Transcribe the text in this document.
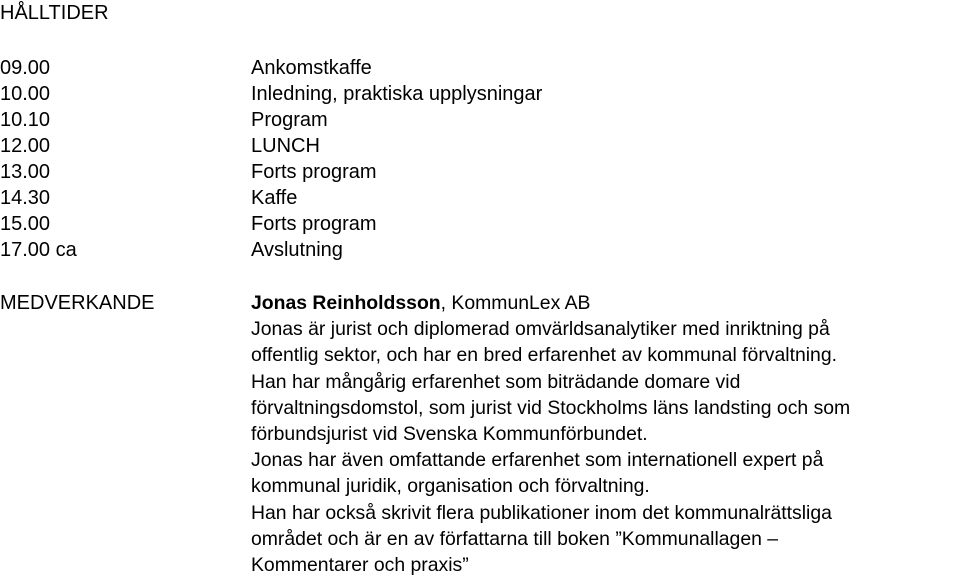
HÅLLTIDER
09.00	Ankomstkaffe
10.00	Inledning, praktiska upplysningar
10.10	Program
12.00	LUNCH
13.00	Forts program
14.30	Kaffe
15.00	Forts program
17.00 ca	Avslutning
MEDVERKANDE	Jonas Reinholdsson, KommunLex AB
Jonas är jurist och diplomerad omvärldsanalytiker med inriktning på
offentlig sektor, och har en bred erfarenhet av kommunal förvaltning.
Han har mångårig erfarenhet som biträdande domare vid
förvaltningsdomstol, som jurist vid Stockholms läns landsting och som
förbundsjurist vid Svenska Kommunförbundet.
Jonas har även omfattande erfarenhet som internationell expert på
kommunal juridik, organisation och förvaltning.
Han har också skrivit flera publikationer inom det kommunalrättsliga
området och är en av författarna till boken ”Kommunallagen –
Kommentarer och praxis”
